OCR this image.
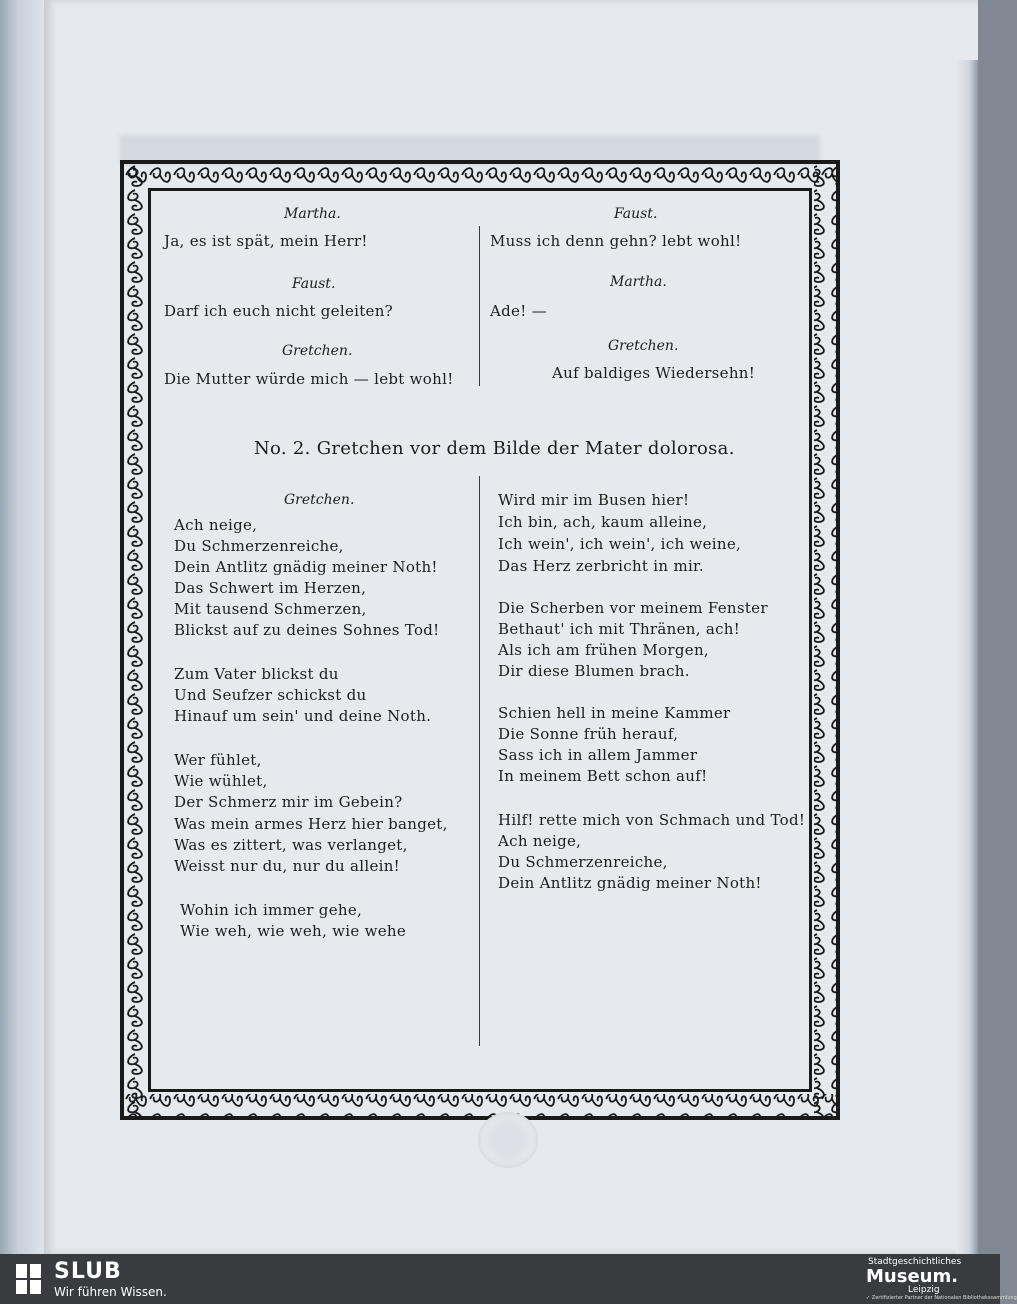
Martha.
Ja, es ist spät, mein Herr!
Faust.
Darf ich euch nicht geleiten?
Gretchen.
Die Mutter würde mich — lebt wohl!
Faust.
Muss ich denn gehn? lebt wohl!
Martha.
Ade! —
Gretchen.
Auf baldiges Wiedersehn!
No. 2. Gretchen vor dem Bilde der Mater dolorosa.
Gretchen.
Ach neige,
Du Schmerzenreiche,
Dein Antlitz gnädig meiner Noth!
Das Schwert im Herzen,
Mit tausend Schmerzen,
Blickst auf zu deines Sohnes Tod!
Zum Vater blickst du
Und Seufzer schickst du
Hinauf um sein' und deine Noth.
Wer fühlet,
Wie wühlet,
Der Schmerz mir im Gebein?
Was mein armes Herz hier banget,
Was es zittert, was verlanget,
Weisst nur du, nur du allein!
Wohin ich immer gehe,
Wie weh, wie weh, wie wehe
Wird mir im Busen hier!
Ich bin, ach, kaum alleine,
Ich wein', ich wein', ich weine,
Das Herz zerbricht in mir.
Die Scherben vor meinem Fenster
Bethaut' ich mit Thränen, ach!
Als ich am frühen Morgen,
Dir diese Blumen brach.
Schien hell in meine Kammer
Die Sonne früh herauf,
Sass ich in allem Jammer
In meinem Bett schon auf!
Hilf! rette mich von Schmach und Tod!
Ach neige,
Du Schmerzenreiche,
Dein Antlitz gnädig meiner Noth!
SLUB
Wir führen Wissen.
Stadtgeschichtliches
Museum.
Leipzig
✓ Zertifizierter Partner der Nationalen Bibliothekssammlung
